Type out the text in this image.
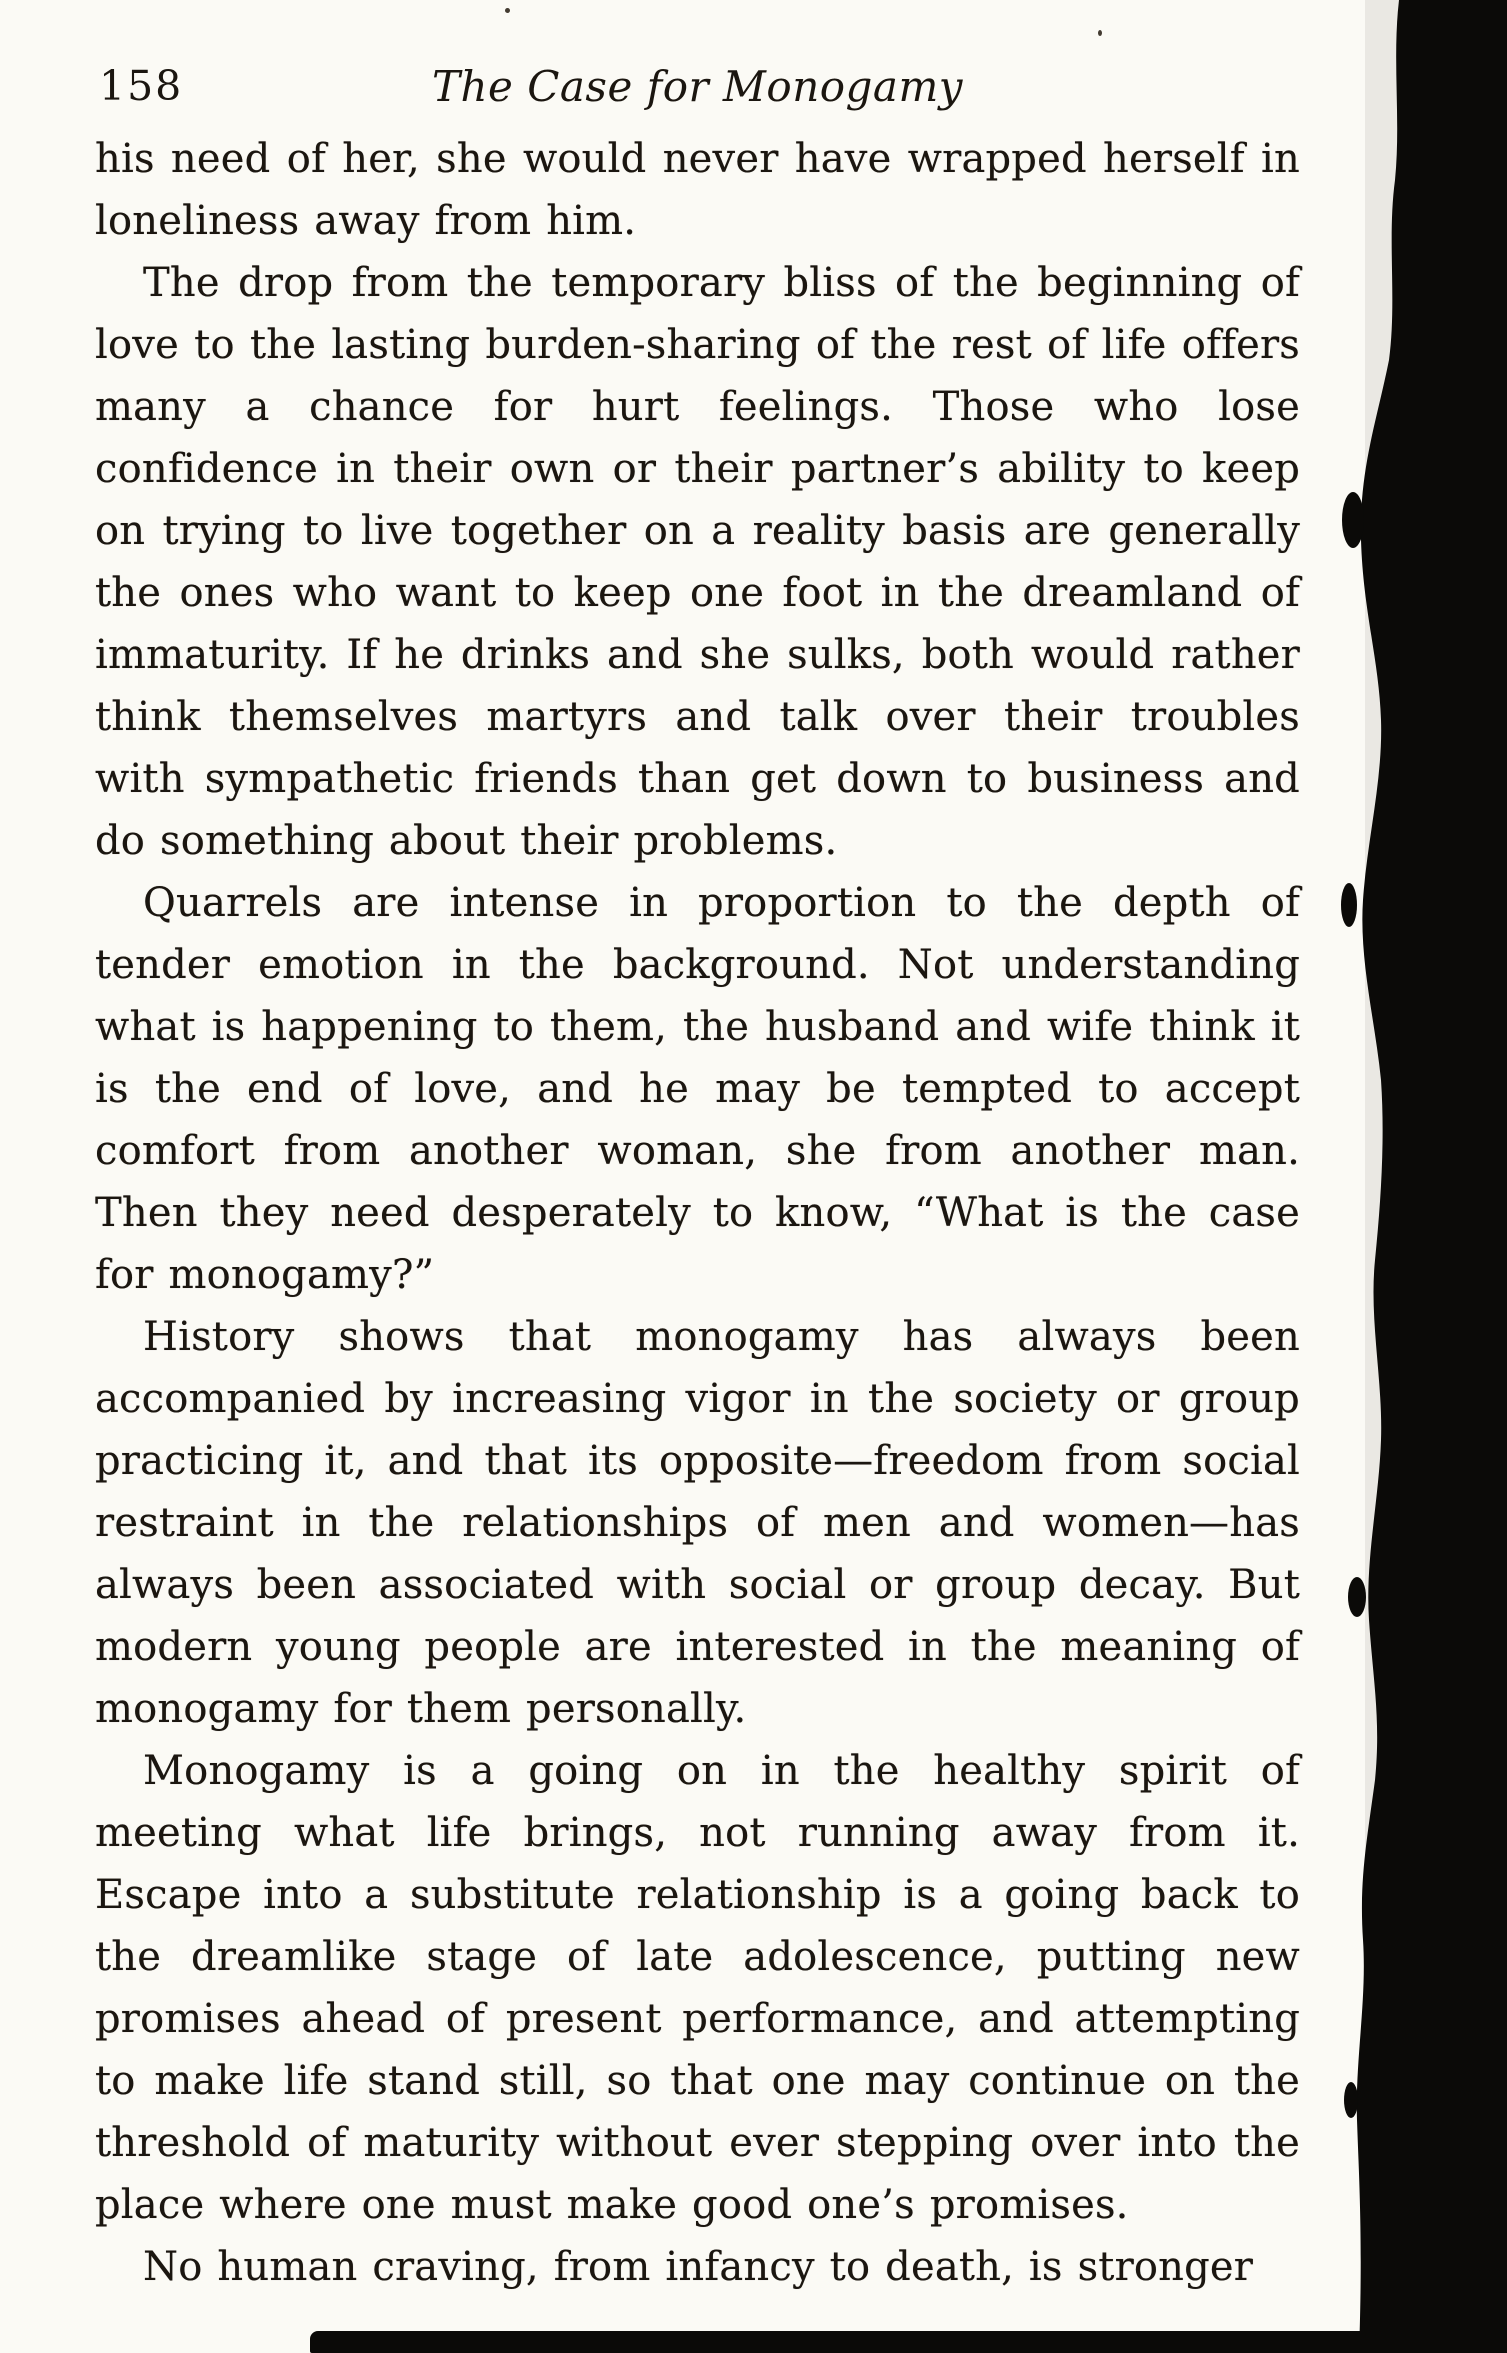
158	The Case for Monogamy

his need of her, she would never have wrapped herself in loneliness away from him.

The drop from the temporary bliss of the beginning of love to the lasting burden-sharing of the rest of life offers many a chance for hurt feelings. Those who lose confidence in their own or their partner’s ability to keep on trying to live together on a reality basis are generally the ones who want to keep one foot in the dreamland of immaturity. If he drinks and she sulks, both would rather think themselves martyrs and talk over their troubles with sympathetic friends than get down to business and do something about their problems.

Quarrels are intense in proportion to the depth of tender emotion in the background. Not understanding what is happening to them, the husband and wife think it is the end of love, and he may be tempted to accept comfort from another woman, she from another man. Then they need desperately to know, “What is the case for monogamy?”

History shows that monogamy has always been accompanied by increasing vigor in the society or group practicing it, and that its opposite—freedom from social restraint in the relationships of men and women—has always been associated with social or group decay. But modern young people are interested in the meaning of monogamy for them personally.

Monogamy is a going on in the healthy spirit of meeting what life brings, not running away from it. Escape into a substitute relationship is a going back to the dreamlike stage of late adolescence, putting new promises ahead of present performance, and attempting to make life stand still, so that one may continue on the threshold of maturity without ever stepping over into the place where one must make good one’s promises.

No human craving, from infancy to death, is stronger
